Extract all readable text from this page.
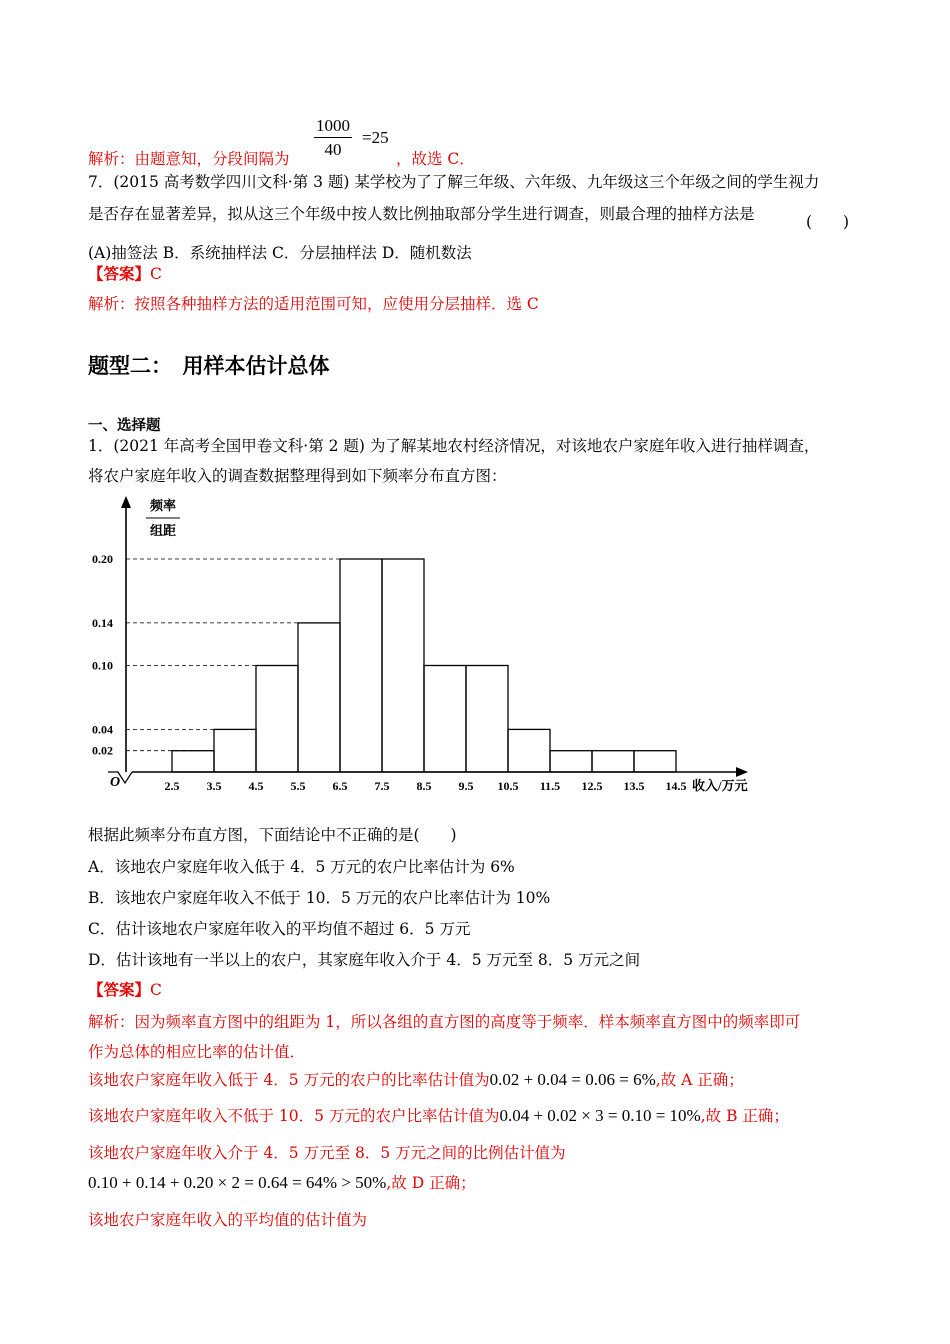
解析：由题意知，分段间隔为 $\frac{1000}{40} =25$
，故选 C．
7．(2015 高考数学四川文科·第 3 题) 某学校为了了解三年级、六年级、九年级这三个年级之间的学生视力
是否存在显著差异，拟从这三个年级中按人数比例抽取部分学生进行调查，则最合理的抽样方法是	(　　)
(A)抽签法 B．系统抽样法 C．分层抽样法 D．随机数法
【答案】C
解析：按照各种抽样方法的适用范围可知，应使用分层抽样．选 C
题型二：　用样本估计总体
一、选择题
1．(2021 年高考全国甲卷文科·第 2 题) 为了解某地农村经济情况，对该地农户家庭年收入进行抽样调查，
将农户家庭年收入的调查数据整理得到如下频率分布直方图：
频率
组距
O	收入/万元
0.02
0.04
0.10
0.14
0.20
2.5 3.5 4.5 5.5 6.5 7.5 8.5 9.5 10.5 11.5 12.5 13.5 14.5
根据此频率分布直方图，下面结论中不正确的是(　　)
A．该地农户家庭年收入低于 4．5 万元的农户比率估计为 6%
B．该地农户家庭年收入不低于 10．5 万元的农户比率估计为 10%
C．估计该地农户家庭年收入的平均值不超过 6．5 万元
D．估计该地有一半以上的农户，其家庭年收入介于 4．5 万元至 8．5 万元之间
【答案】C
解析：因为频率直方图中的组距为 1，所以各组的直方图的高度等于频率．样本频率直方图中的频率即可
作为总体的相应比率的估计值．
该地农户家庭年收入低于 4．5 万元的农户的比率估计值为0.02 + 0.04 = 0.06 = 6%,故 A 正确；
该地农户家庭年收入不低于 10．5 万元的农户比率估计值为0.04 + 0.02 × 3 = 0.10 = 10%,故 B 正确；
该地农户家庭年收入介于 4．5 万元至 8．5 万元之间的比例估计值为
0.10 + 0.14 + 0.20 × 2 = 0.64 = 64% > 50%,故 D 正确；
该地农户家庭年收入的平均值的估计值为
